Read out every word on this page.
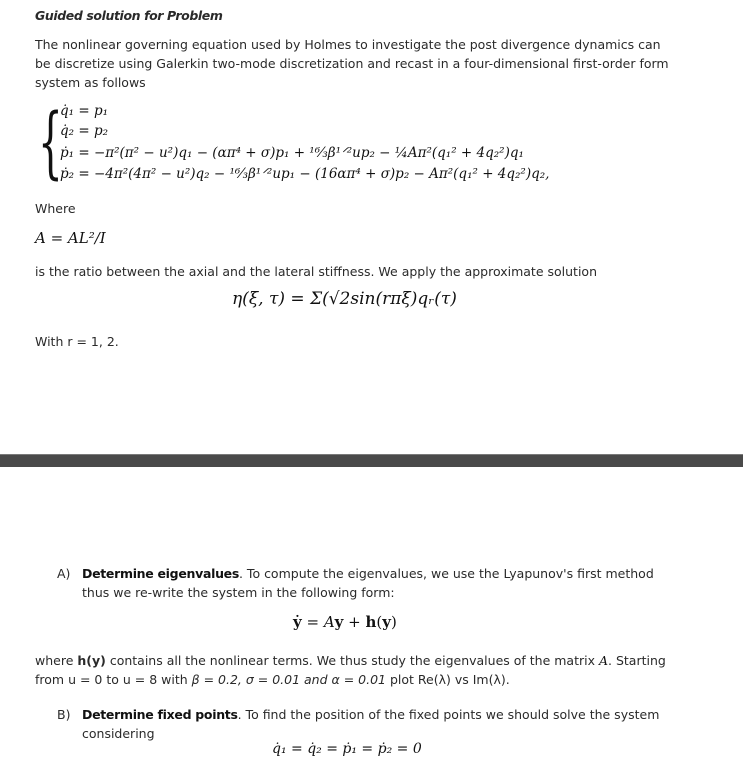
Guided solution for Problem
The nonlinear governing equation used by Holmes to investigate the post divergence dynamics can be discretize using Galerkin two-mode discretization and recast in a four-dimensional first-order form system as follows
{
q̇₁ = p₁
q̇₂ = p₂
ṗ₁ = −π²(π² − u²)q₁ − (απ⁴ + σ)p₁ + ¹⁶⁄₃β¹ᐟ²up₂ − ¼Aπ²(q₁² + 4q₂²)q₁
ṗ₂ = −4π²(4π² − u²)q₂ − ¹⁶⁄₃β¹ᐟ²up₁ − (16απ⁴ + σ)p₂ − Aπ²(q₁² + 4q₂²)q₂,
Where
A = AL²/I
is the ratio between the axial and the lateral stiffness. We apply the approximate solution
η(ξ, τ) = Σ(√2sin(rπξ)qᵣ(τ)
With r = 1, 2.
A) Determine eigenvalues. To compute the eigenvalues, we use the Lyapunov's first method thus we re-write the system in the following form:
ẏ = Ay + h(y)
where h(y) contains all the nonlinear terms. We thus study the eigenvalues of the matrix A. Starting from u = 0 to u = 8 with β = 0.2, σ = 0.01 and α = 0.01 plot Re(λ) vs Im(λ).
B) Determine fixed points. To find the position of the fixed points we should solve the system considering
q̇₁ = q̇₂ = ṗ₁ = ṗ₂ = 0
